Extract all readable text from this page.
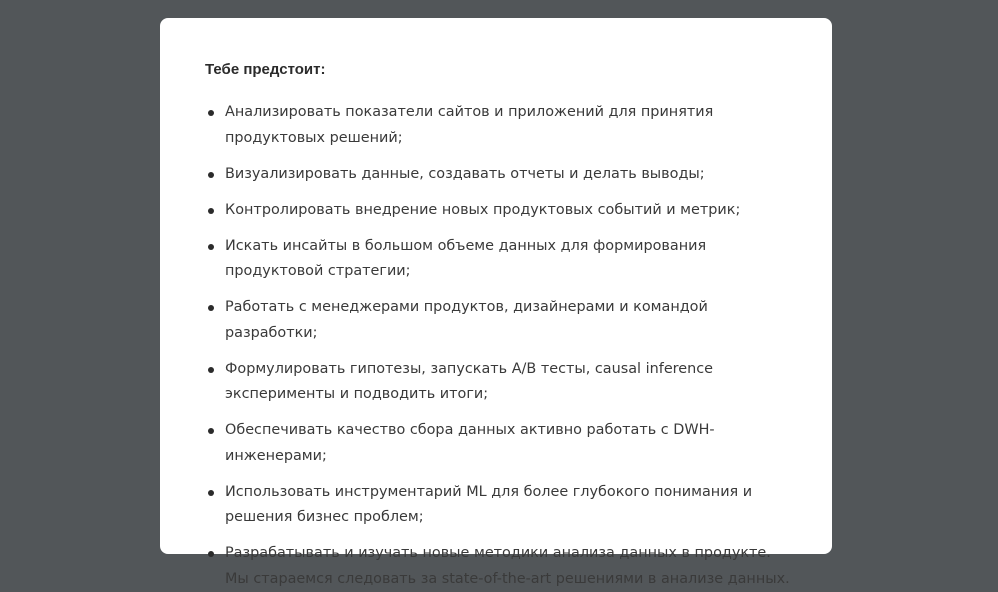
Тебе предстоит:

Анализировать показатели сайтов и приложений для принятия продуктовых решений;
Визуализировать данные, создавать отчеты и делать выводы;
Контролировать внедрение новых продуктовых событий и метрик;
Искать инсайты в большом объеме данных для формирования продуктовой стратегии;
Работать с менеджерами продуктов, дизайнерами и командой разработки;
Формулировать гипотезы, запускать A/B тесты, causal inference эксперименты и подводить итоги;
Обеспечивать качество сбора данных активно работать с DWH-инженерами;
Использовать инструментарий ML для более глубокого понимания и решения бизнес проблем;
Разрабатывать и изучать новые методики анализа данных в продукте. Мы стараемся следовать за state-of-the-art решениями в анализе данных.
